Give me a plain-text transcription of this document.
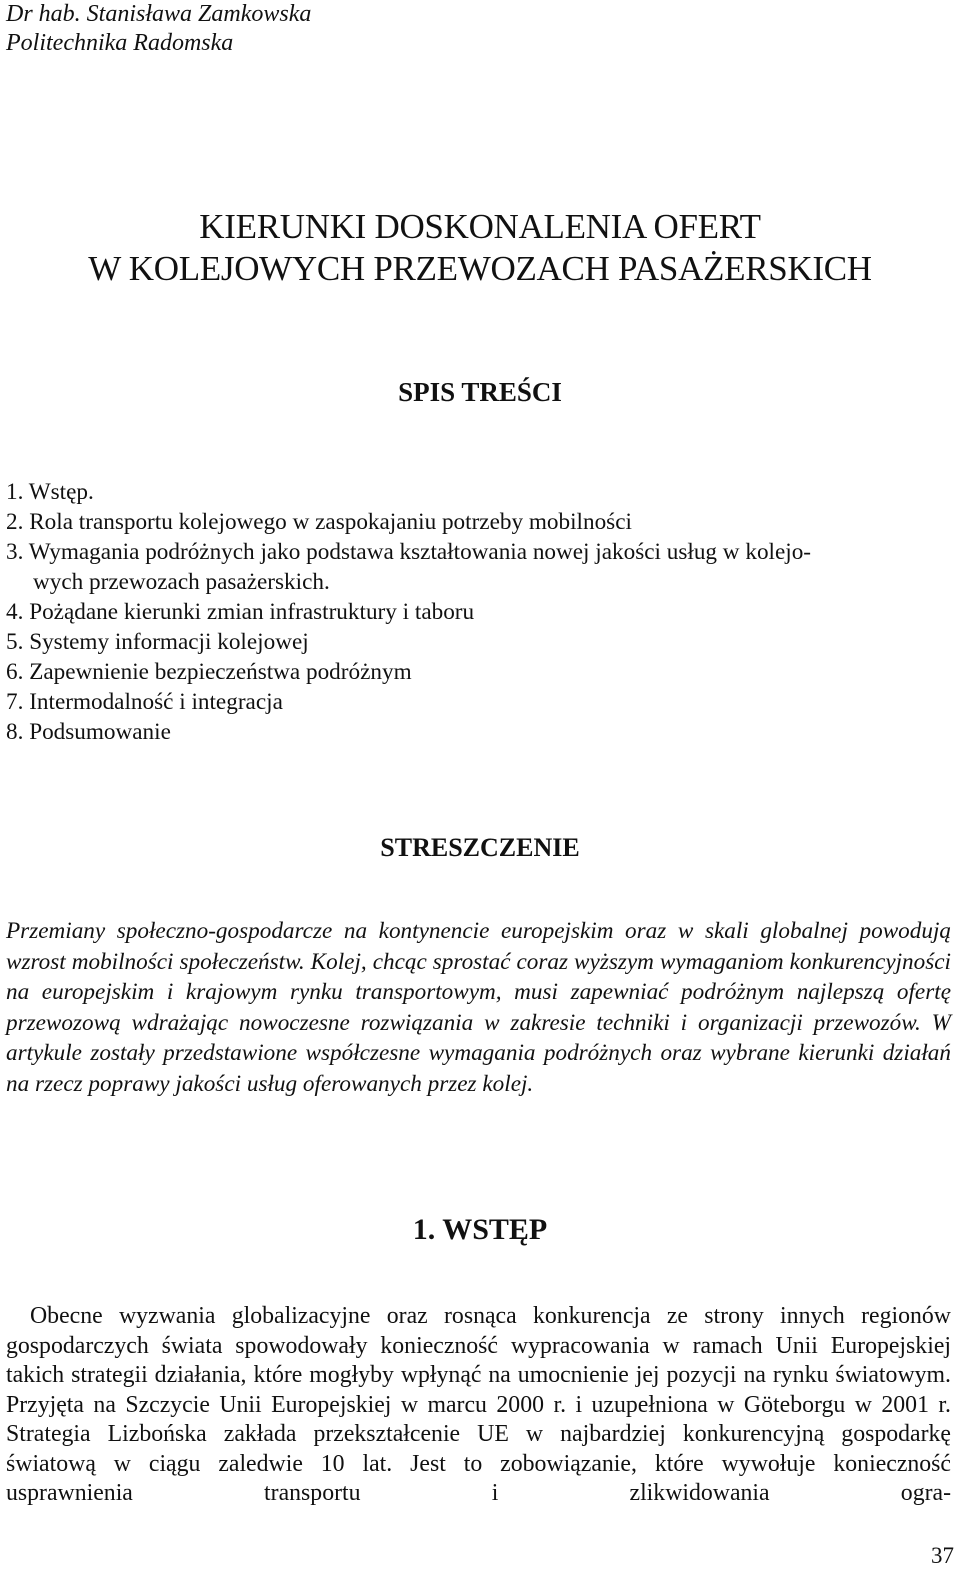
Dr hab. Stanisława Zamkowska
Politechnika Radomska
KIERUNKI DOSKONALENIA OFERT
W KOLEJOWYCH PRZEWOZACH PASAŻERSKICH
SPIS TREŚCI
1. Wstęp.
2. Rola transportu kolejowego w zaspokajaniu potrzeby mobilności
3. Wymagania podróżnych jako podstawa kształtowania nowej jakości usług w kolejo-
wych przewozach pasażerskich.
4. Pożądane kierunki zmian infrastruktury i taboru
5. Systemy informacji kolejowej
6. Zapewnienie bezpieczeństwa podróżnym
7. Intermodalność i integracja
8. Podsumowanie
STRESZCZENIE
Przemiany społeczno-gospodarcze na kontynencie europejskim oraz w skali globalnej powodują wzrost mobilności społeczeństw. Kolej, chcąc sprostać coraz wyższym wymaganiom konkurencyjności na europejskim i krajowym rynku transportowym, musi zapewniać podróżnym najlepszą ofertę przewozową wdrażając nowoczesne rozwiązania w zakresie techniki i organizacji przewozów. W artykule zostały przedstawione współczesne wymagania podróżnych oraz wybrane kierunki działań na rzecz poprawy jakości usług oferowanych przez kolej.
1. WSTĘP
Obecne wyzwania globalizacyjne oraz rosnąca konkurencja ze strony innych regionów gospodarczych świata spowodowały konieczność wypracowania w ramach Unii Europejskiej takich strategii działania, które mogłyby wpłynąć na umocnienie jej pozycji na rynku światowym. Przyjęta na Szczycie Unii Europejskiej w marcu 2000 r. i uzupełniona w Göteborgu w 2001 r. Strategia Lizbońska zakłada przekształcenie UE w najbardziej konkurencyjną gospodarkę światową w ciągu zaledwie 10 lat. Jest to zobowiązanie, które wywołuje konieczność usprawnienia transportu i zlikwidowania ogra-
37
